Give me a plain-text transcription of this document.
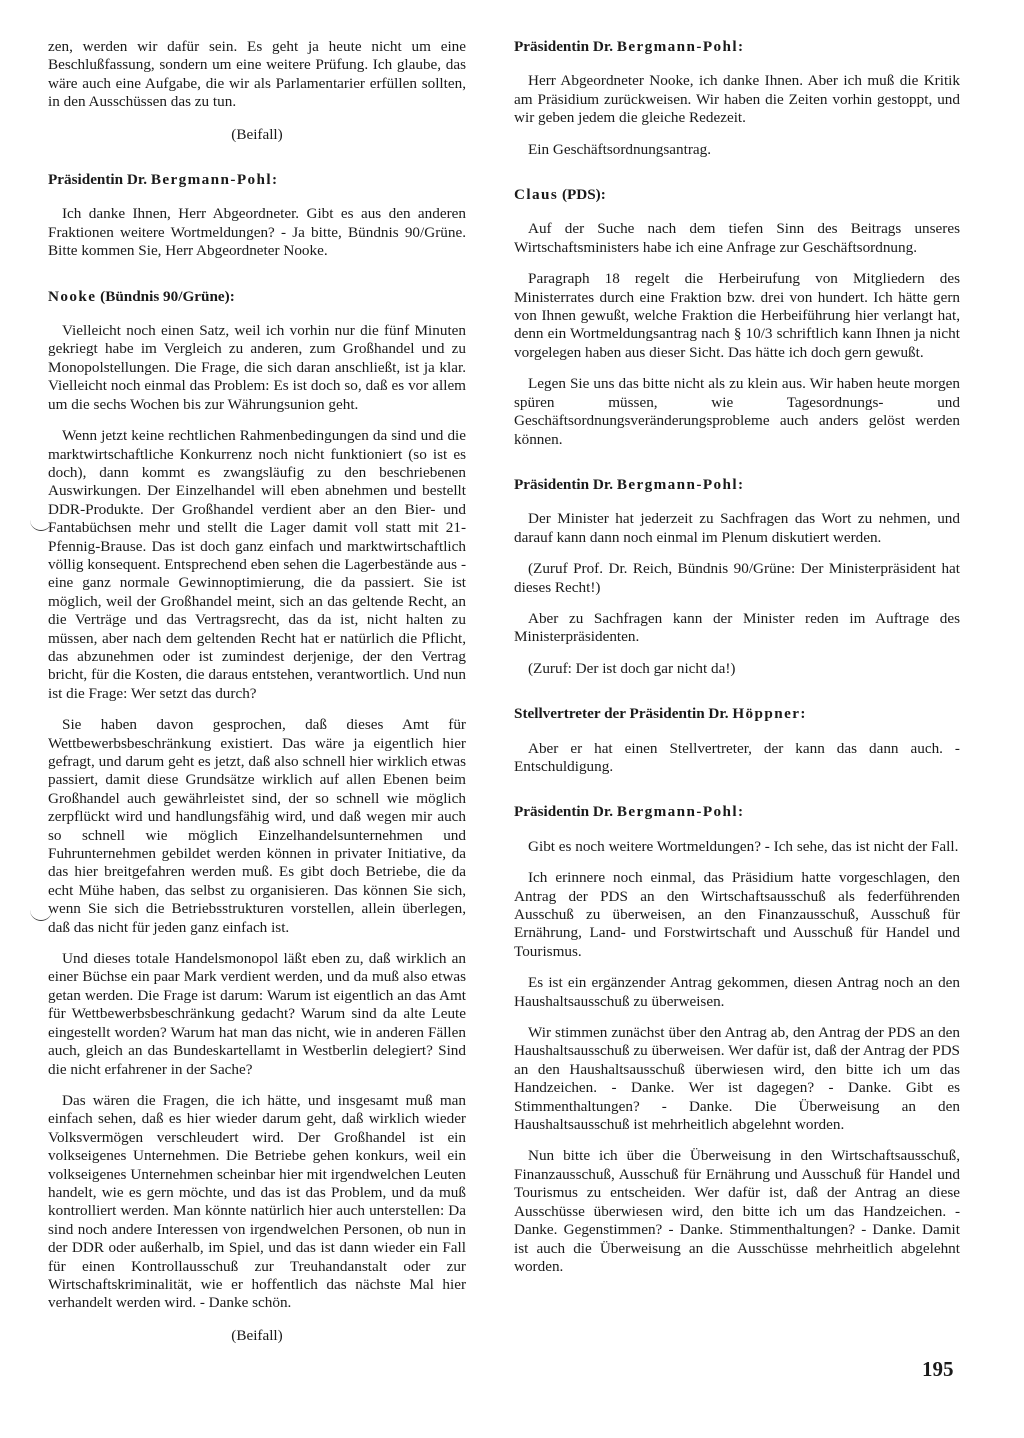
zen, werden wir dafür sein. Es geht ja heute nicht um eine Beschlußfassung, sondern um eine weitere Prüfung. Ich glaube, das wäre auch eine Aufgabe, die wir als Parlamentarier erfüllen sollten, in den Ausschüssen das zu tun.

(Beifall)
Präsidentin Dr. Bergmann-Pohl:

Ich danke Ihnen, Herr Abgeordneter. Gibt es aus den anderen Fraktionen weitere Wortmeldungen? - Ja bitte, Bündnis 90/Grüne. Bitte kommen Sie, Herr Abgeordneter Nooke.

Nooke (Bündnis 90/Grüne):

Vielleicht noch einen Satz, weil ich vorhin nur die fünf Minuten gekriegt habe im Vergleich zu anderen, zum Großhandel und zu Monopolstellungen. Die Frage, die sich daran anschließt, ist ja klar. Vielleicht noch einmal das Problem: Es ist doch so, daß es vor allem um die sechs Wochen bis zur Währungsunion geht.

Wenn jetzt keine rechtlichen Rahmenbedingungen da sind und die marktwirtschaftliche Konkurrenz noch nicht funktioniert (so ist es doch), dann kommt es zwangsläufig zu den beschriebenen Auswirkungen. Der Einzelhandel will eben abnehmen und bestellt DDR-Produkte. Der Großhandel verdient aber an den Bier- und Fantabüchsen mehr und stellt die Lager damit voll statt mit 21-Pfennig-Brause. Das ist doch ganz einfach und marktwirtschaftlich völlig konsequent. Entsprechend eben sehen die Lagerbestände aus - eine ganz normale Gewinnoptimierung, die da passiert. Sie ist möglich, weil der Großhandel meint, sich an das geltende Recht, an die Verträge und das Vertragsrecht, das da ist, nicht halten zu müssen, aber nach dem geltenden Recht hat er natürlich die Pflicht, das abzunehmen oder ist zumindest derjenige, der den Vertrag bricht, für die Kosten, die daraus entstehen, verantwortlich. Und nun ist die Frage: Wer setzt das durch?

Sie haben davon gesprochen, daß dieses Amt für Wettbewerbsbeschränkung existiert. Das wäre ja eigentlich hier gefragt, und darum geht es jetzt, daß also schnell hier wirklich etwas passiert, damit diese Grundsätze wirklich auf allen Ebenen beim Großhandel auch gewährleistet sind, der so schnell wie möglich zerpflückt wird und handlungsfähig wird, und daß wegen mir auch so schnell wie möglich Einzelhandelsunternehmen und Fuhrunternehmen gebildet werden können in privater Initiative, da das hier breitgefahren werden muß. Es gibt doch Betriebe, die da echt Mühe haben, das selbst zu organisieren. Das können Sie sich, wenn Sie sich die Betriebsstrukturen vorstellen, allein überlegen, daß das nicht für jeden ganz einfach ist.

Und dieses totale Handelsmonopol läßt eben zu, daß wirklich an einer Büchse ein paar Mark verdient werden, und da muß also etwas getan werden. Die Frage ist darum: Warum ist eigentlich an das Amt für Wettbewerbsbeschränkung gedacht? Warum sind da alte Leute eingestellt worden? Warum hat man das nicht, wie in anderen Fällen auch, gleich an das Bundeskartellamt in Westberlin delegiert? Sind die nicht erfahrener in der Sache?

Das wären die Fragen, die ich hätte, und insgesamt muß man einfach sehen, daß es hier wieder darum geht, daß wirklich wieder Volksvermögen verschleudert wird. Der Großhandel ist ein volkseigenes Unternehmen. Die Betriebe gehen konkurs, weil ein volkseigenes Unternehmen scheinbar hier mit irgendwelchen Leuten handelt, wie es gern möchte, und das ist das Problem, und da muß kontrolliert werden. Man könnte natürlich hier auch unterstellen: Da sind noch andere Interessen von irgendwelchen Personen, ob nun in der DDR oder außerhalb, im Spiel, und das ist dann wieder ein Fall für einen Kontrollausschuß zur Treuhandanstalt oder zur Wirtschaftskriminalität, wie er hoffentlich das nächste Mal hier verhandelt werden wird. - Danke schön.

(Beifall)
Präsidentin Dr. Bergmann-Pohl:

Herr Abgeordneter Nooke, ich danke Ihnen. Aber ich muß die Kritik am Präsidium zurückweisen. Wir haben die Zeiten vorhin gestoppt, und wir geben jedem die gleiche Redezeit.

Ein Geschäftsordnungsantrag.

Claus (PDS):

Auf der Suche nach dem tiefen Sinn des Beitrags unseres Wirtschaftsministers habe ich eine Anfrage zur Geschäftsordnung.

Paragraph 18 regelt die Herbeirufung von Mitgliedern des Ministerrates durch eine Fraktion bzw. drei von hundert. Ich hätte gern von Ihnen gewußt, welche Fraktion die Herbeiführung hier verlangt hat, denn ein Wortmeldungsantrag nach § 10/3 schriftlich kann Ihnen ja nicht vorgelegen haben aus dieser Sicht. Das hätte ich doch gern gewußt.

Legen Sie uns das bitte nicht als zu klein aus. Wir haben heute morgen spüren müssen, wie Tagesordnungs- und Geschäftsordnungsveränderungsprobleme auch anders gelöst werden können.

Präsidentin Dr. Bergmann-Pohl:

Der Minister hat jederzeit zu Sachfragen das Wort zu nehmen, und darauf kann dann noch einmal im Plenum diskutiert werden.

(Zuruf Prof. Dr. Reich, Bündnis 90/Grüne: Der Ministerpräsident hat dieses Recht!)
Aber zu Sachfragen kann der Minister reden im Auftrage des Ministerpräsidenten.
(Zuruf: Der ist doch gar nicht da!)
Stellvertreter der Präsidentin Dr. Höppner:

Aber er hat einen Stellvertreter, der kann das dann auch. - Entschuldigung.

Präsidentin Dr. Bergmann-Pohl:

Gibt es noch weitere Wortmeldungen? - Ich sehe, das ist nicht der Fall.

Ich erinnere noch einmal, das Präsidium hatte vorgeschlagen, den Antrag der PDS an den Wirtschaftsausschuß als federführenden Ausschuß zu überweisen, an den Finanzausschuß, Ausschuß für Ernährung, Land- und Forstwirtschaft und Ausschuß für Handel und Tourismus.

Es ist ein ergänzender Antrag gekommen, diesen Antrag noch an den Haushaltsausschuß zu überweisen.

Wir stimmen zunächst über den Antrag ab, den Antrag der PDS an den Haushaltsausschuß zu überweisen. Wer dafür ist, daß der Antrag der PDS an den Haushaltsausschuß überwiesen wird, den bitte ich um das Handzeichen. - Danke. Wer ist dagegen? - Danke. Gibt es Stimmenthaltungen? - Danke. Die Überweisung an den Haushaltsausschuß ist mehrheitlich abgelehnt worden.

Nun bitte ich über die Überweisung in den Wirtschaftsausschuß, Finanzausschuß, Ausschuß für Ernährung und Ausschuß für Handel und Tourismus zu entscheiden. Wer dafür ist, daß der Antrag an diese Ausschüsse überwiesen wird, den bitte ich um das Handzeichen. - Danke. Gegenstimmen? - Danke. Stimmenthaltungen? - Danke. Damit ist auch die Überweisung an die Ausschüsse mehrheitlich abgelehnt worden.

195
